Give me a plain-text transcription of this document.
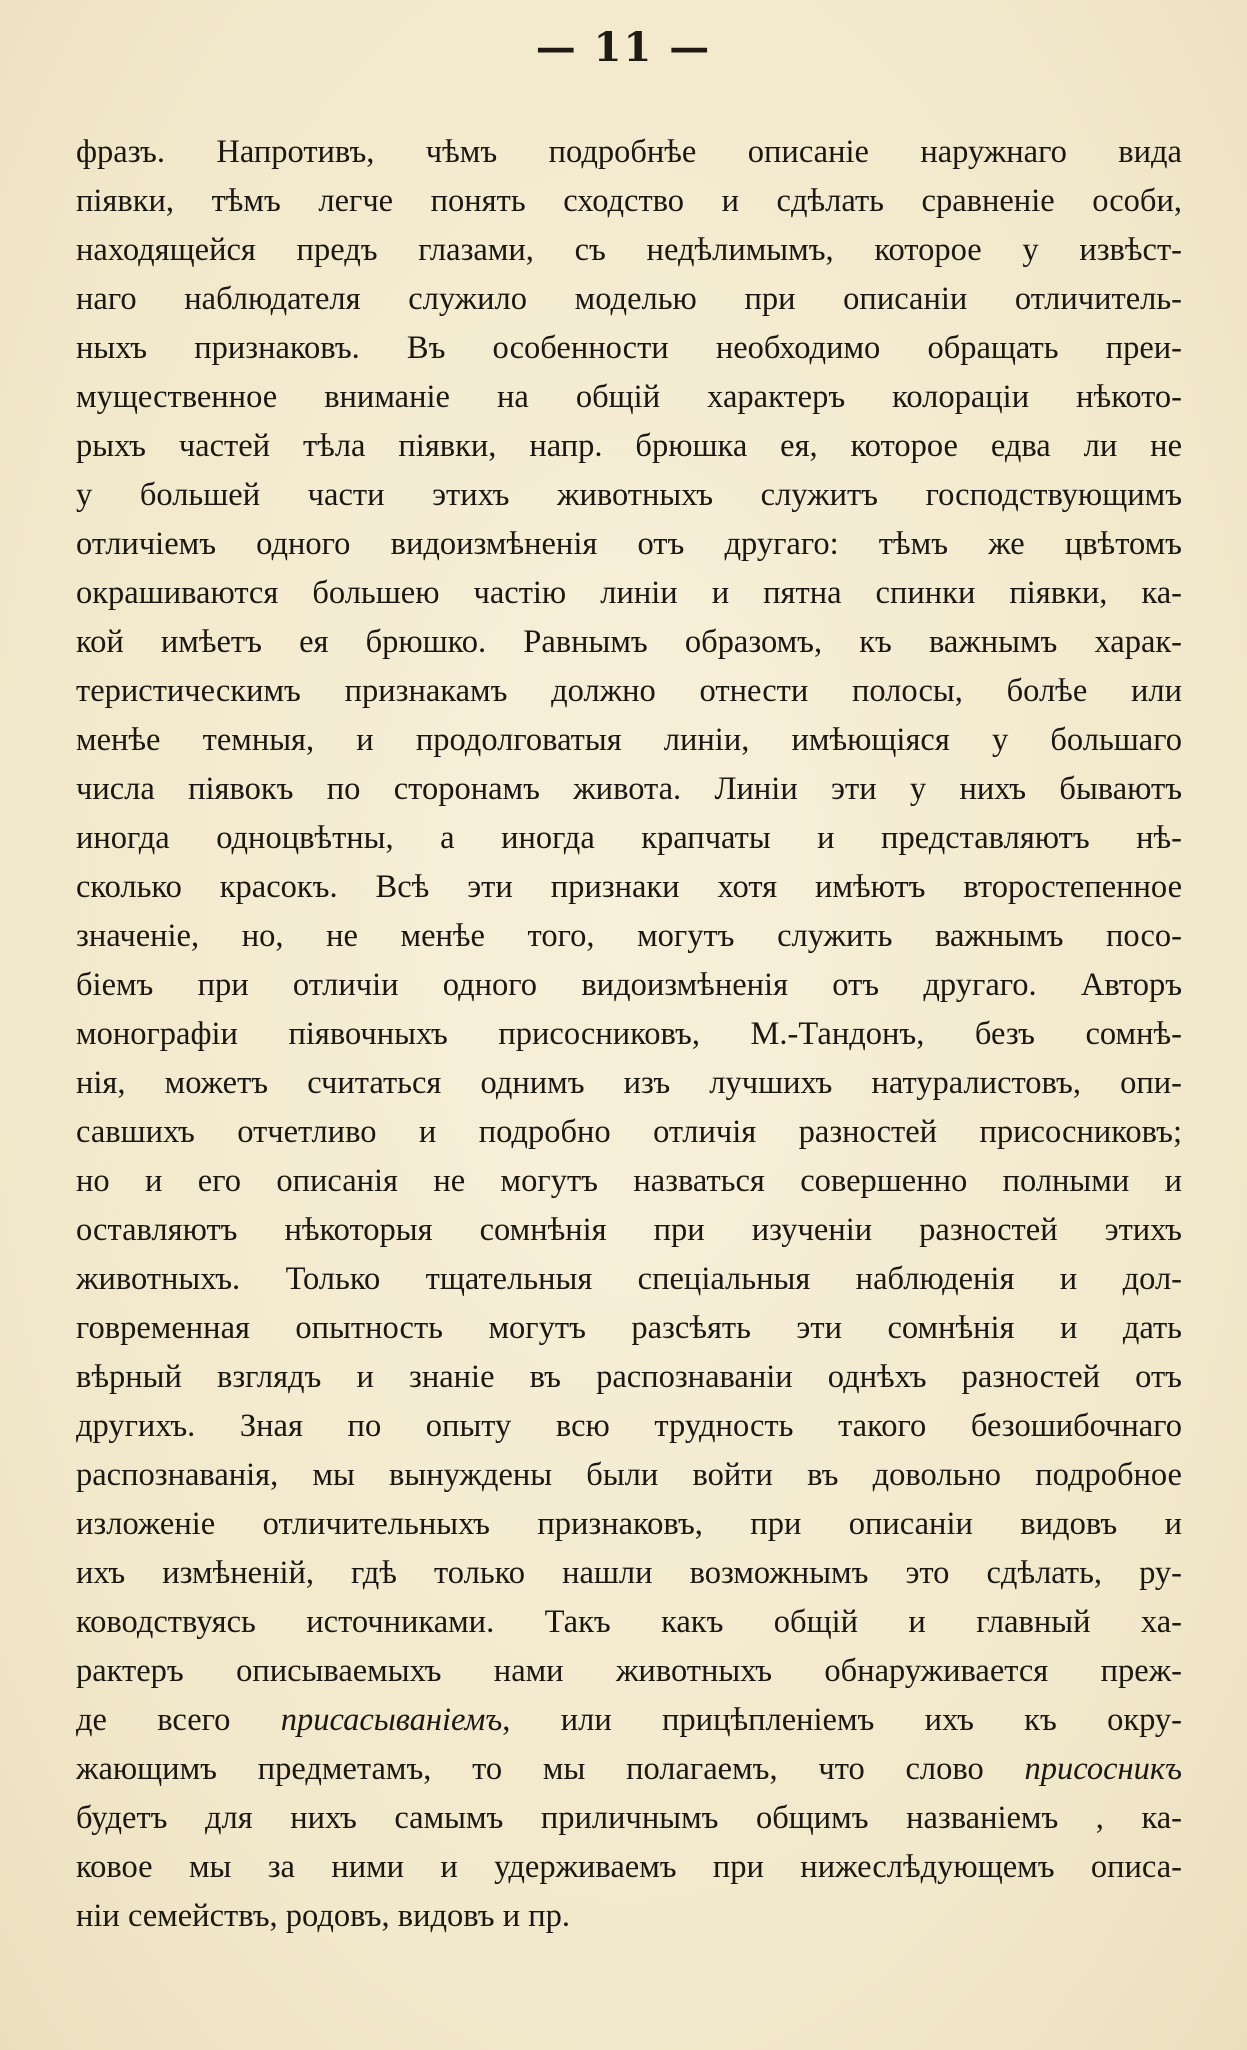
— 11 —
фразъ. Напротивъ, чѣмъ подробнѣе описаніе наружнаго вида
піявки, тѣмъ легче понять сходство и сдѣлать сравненіе особи,
находящейся предъ глазами, съ недѣлимымъ, которое у извѣст-
наго наблюдателя служило моделью при описаніи отличитель-
ныхъ признаковъ. Въ особенности необходимо обращать преи-
мущественное вниманіе на общій характеръ колораціи нѣкото-
рыхъ частей тѣла піявки, напр. брюшка ея, которое едва ли не
у большей части этихъ животныхъ служитъ господствующимъ
отличіемъ одного видоизмѣненія отъ другаго: тѣмъ же цвѣтомъ
окрашиваются большею частію линіи и пятна спинки піявки, ка-
кой имѣетъ ея брюшко. Равнымъ образомъ, къ важнымъ харак-
теристическимъ признакамъ должно отнести полосы, болѣе или
менѣе темныя, и продолговатыя линіи, имѣющіяся у большаго
числа піявокъ по сторонамъ живота. Линіи эти у нихъ бываютъ
иногда одноцвѣтны, а иногда крапчаты и представляютъ нѣ-
сколько красокъ. Всѣ эти признаки хотя имѣютъ второстепенное
значеніе, но, не менѣе того, могутъ служить важнымъ посо-
біемъ при отличіи одного видоизмѣненія отъ другаго. Авторъ
монографіи піявочныхъ присосниковъ, М.-Тандонъ, безъ сомнѣ-
нія, можетъ считаться однимъ изъ лучшихъ натуралистовъ, опи-
савшихъ отчетливо и подробно отличія разностей присосниковъ;
но и его описанія не могутъ назваться совершенно полными и
оставляютъ нѣкоторыя сомнѣнія при изученіи разностей этихъ
животныхъ. Только тщательныя спеціальныя наблюденія и дол-
говременная опытность могутъ разсѣять эти сомнѣнія и дать
вѣрный взглядъ и знаніе въ распознаваніи однѣхъ разностей отъ
другихъ. Зная по опыту всю трудность такого безошибочнаго
распознаванія, мы вынуждены были войти въ довольно подробное
изложеніе отличительныхъ признаковъ, при описаніи видовъ и
ихъ измѣненій, гдѣ только нашли возможнымъ это сдѣлать, ру-
ководствуясь источниками. Такъ какъ общій и главный ха-
рактеръ описываемыхъ нами животныхъ обнаруживается преж-
де всего присасываніемъ, или прицѣпленіемъ ихъ къ окру-
жающимъ предметамъ, то мы полагаемъ, что слово присосникъ
будетъ для нихъ самымъ приличнымъ общимъ названіемъ , ка-
ковое мы за ними и удерживаемъ при нижеслѣдующемъ описа-
ніи семействъ, родовъ, видовъ и пр.
